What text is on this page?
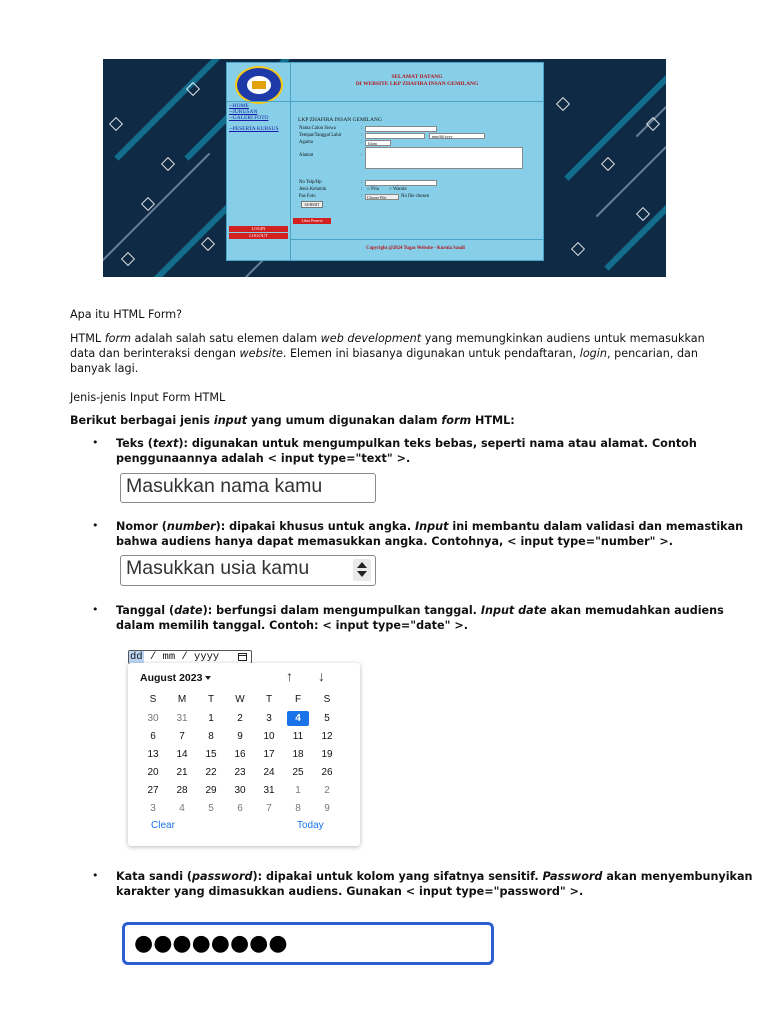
SELAMAT DATANG
DI WEBSITE LKP ZHAFIRA INSAN GEMILANG
--HOME
--JURUSAN
--GALERI FOTO
--PESERTA KURSUS
LOGIN
LOGOUT
LKP ZHAFIRA INSAN GEMILANG
Nama Calon Siswa	:
Tempat/Tanggal Lahir	:	mm/dd/yyyy
Agama	:	Islam
Alamat	:
No Telp/Hp	:
Jenis Kelamin	: ○ Pria ○ Wanita
Pas Foto	:	Choose File	No file chosen
SUBMIT
Lihat Peserta
Copyright @2024 Tugas Website - Kurnia Saudi
Apa itu HTML Form?
HTML form adalah salah satu elemen dalam web development yang memungkinkan audiens untuk memasukkan
data dan berinteraksi dengan website. Elemen ini biasanya digunakan untuk pendaftaran, login, pencarian, dan
banyak lagi.
Jenis-jenis Input Form HTML
Berikut berbagai jenis input yang umum digunakan dalam form HTML:
• Teks (text): digunakan untuk mengumpulkan teks bebas, seperti nama atau alamat. Contoh
penggunaannya adalah < input type="text" >.
Masukkan nama kamu
• Nomor (number): dipakai khusus untuk angka. Input ini membantu dalam validasi dan memastikan
bahwa audiens hanya dapat memasukkan angka. Contohnya, < input type="number" >.
Masukkan usia kamu
• Tanggal (date): berfungsi dalam mengumpulkan tanggal. Input date akan memudahkan audiens
dalam memilih tanggal. Contoh: < input type="date" >.
dd / mm / yyyy
August 2023	↑ ↓
S	M	T	W	T	F	S
30	31	1	2	3	4	5
6	7	8	9	10	11	12
13	14	15	16	17	18	19
20	21	22	23	24	25	26
27	28	29	30	31	1	2
3	4	5	6	7	8	9
Clear	Today
• Kata sandi (password): dipakai untuk kolom yang sifatnya sensitif. Password akan menyembunyikan
karakter yang dimasukkan audiens. Gunakan < input type="password" >.
●●●●●●●●
